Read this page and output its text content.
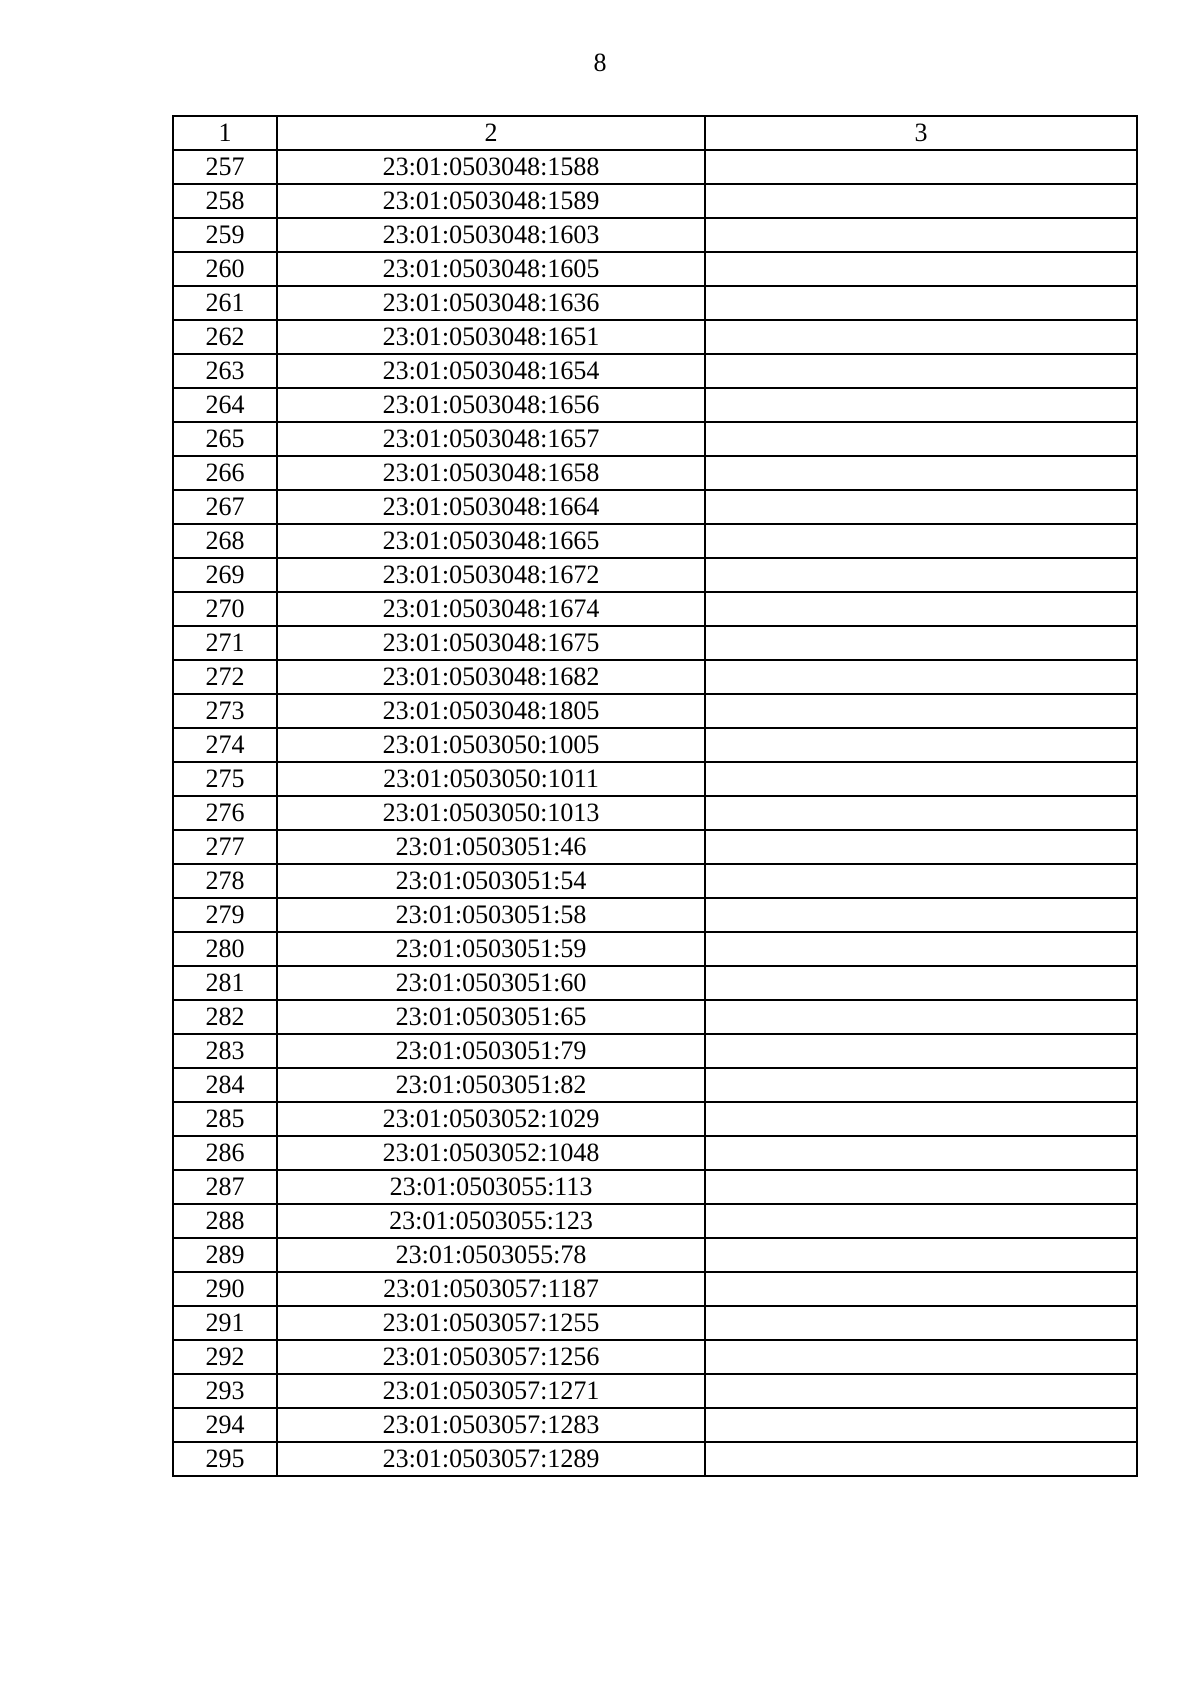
8
1	2	3
257	23:01:0503048:1588	
258	23:01:0503048:1589	
259	23:01:0503048:1603	
260	23:01:0503048:1605	
261	23:01:0503048:1636	
262	23:01:0503048:1651	
263	23:01:0503048:1654	
264	23:01:0503048:1656	
265	23:01:0503048:1657	
266	23:01:0503048:1658	
267	23:01:0503048:1664	
268	23:01:0503048:1665	
269	23:01:0503048:1672	
270	23:01:0503048:1674	
271	23:01:0503048:1675	
272	23:01:0503048:1682	
273	23:01:0503048:1805	
274	23:01:0503050:1005	
275	23:01:0503050:1011	
276	23:01:0503050:1013	
277	23:01:0503051:46	
278	23:01:0503051:54	
279	23:01:0503051:58	
280	23:01:0503051:59	
281	23:01:0503051:60	
282	23:01:0503051:65	
283	23:01:0503051:79	
284	23:01:0503051:82	
285	23:01:0503052:1029	
286	23:01:0503052:1048	
287	23:01:0503055:113	
288	23:01:0503055:123	
289	23:01:0503055:78	
290	23:01:0503057:1187	
291	23:01:0503057:1255	
292	23:01:0503057:1256	
293	23:01:0503057:1271	
294	23:01:0503057:1283	
295	23:01:0503057:1289	
